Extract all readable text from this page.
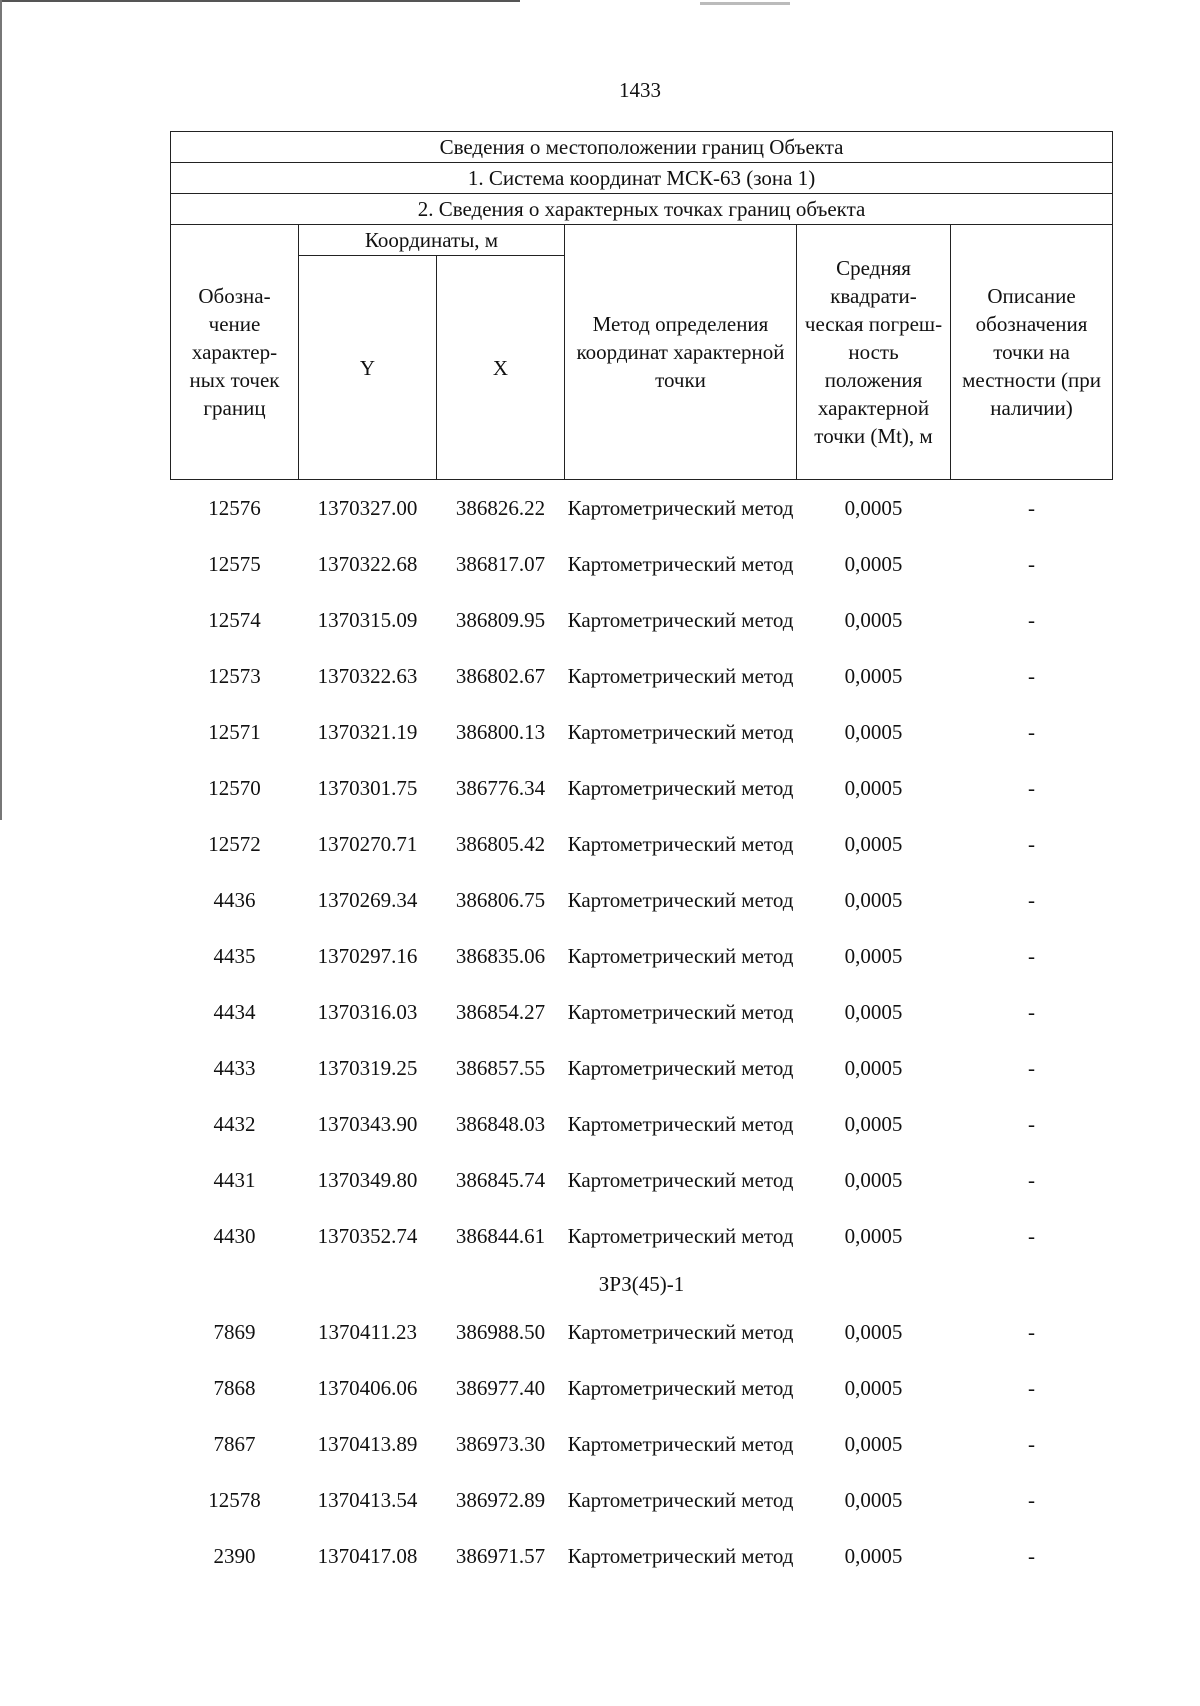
1433
Сведения о местоположении границ Объекта					
1. Система координат МСК-63 (зона 1)					
2. Сведения о характерных точках границ объекта					
Обозна-чение характер-ных точек границ	Координаты, м		Метод определения координат характерной точки	Средняя квадрати-ческая погреш-ность положения характерной точки (Mt), м	Описание обозначения точки на местности (при наличии)
	Y	X			
12576	1370327.00	386826.22	Картометрический метод	0,0005	-
12575	1370322.68	386817.07	Картометрический метод	0,0005	-
12574	1370315.09	386809.95	Картометрический метод	0,0005	-
12573	1370322.63	386802.67	Картометрический метод	0,0005	-
12571	1370321.19	386800.13	Картометрический метод	0,0005	-
12570	1370301.75	386776.34	Картометрический метод	0,0005	-
12572	1370270.71	386805.42	Картометрический метод	0,0005	-
4436	1370269.34	386806.75	Картометрический метод	0,0005	-
4435	1370297.16	386835.06	Картометрический метод	0,0005	-
4434	1370316.03	386854.27	Картометрический метод	0,0005	-
4433	1370319.25	386857.55	Картометрический метод	0,0005	-
4432	1370343.90	386848.03	Картометрический метод	0,0005	-
4431	1370349.80	386845.74	Картометрический метод	0,0005	-
4430	1370352.74	386844.61	Картометрический метод	0,0005	-
ЗРЗ(45)-1					
7869	1370411.23	386988.50	Картометрический метод	0,0005	-
7868	1370406.06	386977.40	Картометрический метод	0,0005	-
7867	1370413.89	386973.30	Картометрический метод	0,0005	-
12578	1370413.54	386972.89	Картометрический метод	0,0005	-
2390	1370417.08	386971.57	Картометрический метод	0,0005	-
